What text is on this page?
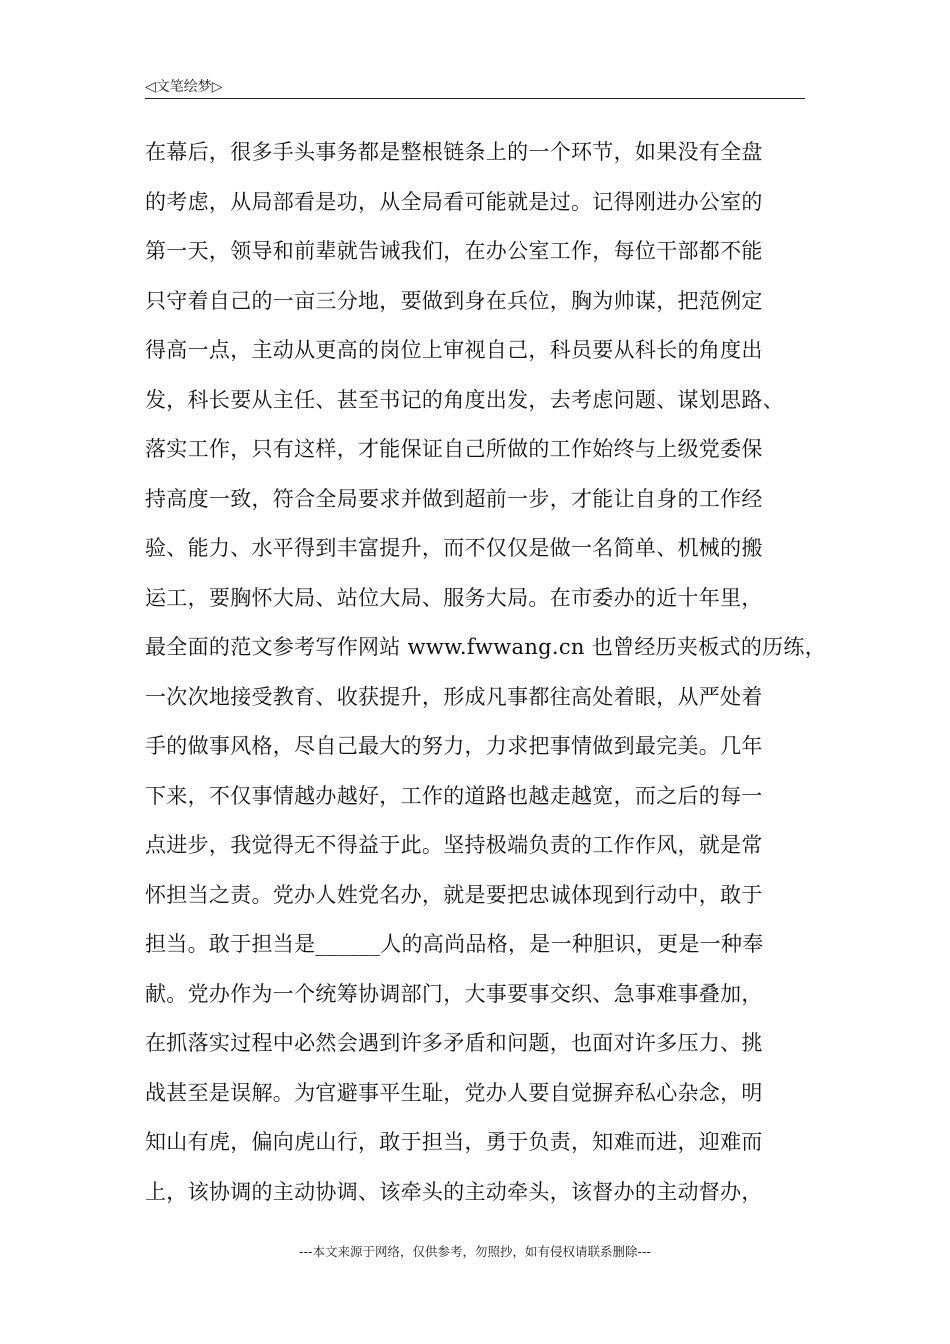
◁文笔绘梦▷
在幕后，很多手头事务都是整根链条上的一个环节，如果没有全盘
的考虑，从局部看是功，从全局看可能就是过。记得刚进办公室的
第一天，领导和前辈就告诫我们，在办公室工作，每位干部都不能
只守着自己的一亩三分地，要做到身在兵位，胸为帅谋，把范例定
得高一点，主动从更高的岗位上审视自己，科员要从科长的角度出
发，科长要从主任、甚至书记的角度出发，去考虑问题、谋划思路、
落实工作，只有这样，才能保证自己所做的工作始终与上级党委保
持高度一致，符合全局要求并做到超前一步，才能让自身的工作经
验、能力、水平得到丰富提升，而不仅仅是做一名简单、机械的搬
运工，要胸怀大局、站位大局、服务大局。在市委办的近十年里，
最全面的范文参考写作网站 www.fwwang.cn 也曾经历夹板式的历练，
一次次地接受教育、收获提升，形成凡事都往高处着眼，从严处着
手的做事风格，尽自己最大的努力，力求把事情做到最完美。几年
下来，不仅事情越办越好，工作的道路也越走越宽，而之后的每一
点进步，我觉得无不得益于此。坚持极端负责的工作作风，就是常
怀担当之责。党办人姓党名办，就是要把忠诚体现到行动中，敢于
担当。敢于担当是______人的高尚品格，是一种胆识，更是一种奉
献。党办作为一个统筹协调部门，大事要事交织、急事难事叠加，
在抓落实过程中必然会遇到许多矛盾和问题，也面对许多压力、挑
战甚至是误解。为官避事平生耻，党办人要自觉摒弃私心杂念，明
知山有虎，偏向虎山行，敢于担当，勇于负责，知难而进，迎难而
上，该协调的主动协调、该牵头的主动牵头，该督办的主动督办，
---本文来源于网络，仅供参考，勿照抄，如有侵权请联系删除---
